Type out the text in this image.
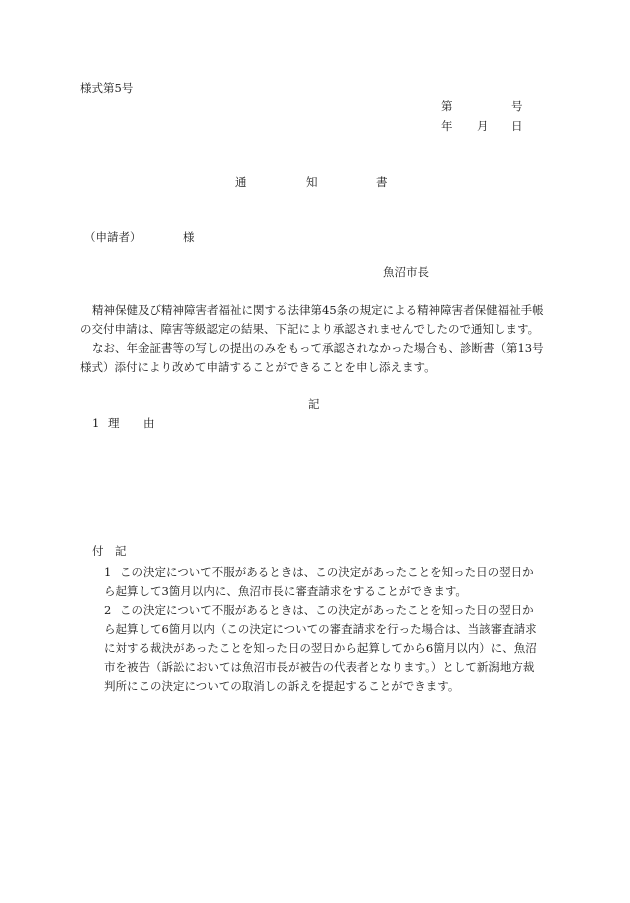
様式第5号
第	号
年 月 日
通	知	書
（申請者）	様
魚沼市長
精神保健及び精神障害者福祉に関する法律第45条の規定による精神障害者保健福祉手帳
の交付申請は、障害等級認定の結果、下記により承認されませんでしたので通知します。
なお、年金証書等の写しの提出のみをもって承認されなかった場合も、診断書（第13号
様式）添付により改めて申請することができることを申し添えます。
記
1 理 由
付 記
1 この決定について不服があるときは、この決定があったことを知った日の翌日か
ら起算して3箇月以内に、魚沼市長に審査請求をすることができます。
2 この決定について不服があるときは、この決定があったことを知った日の翌日か
ら起算して6箇月以内（この決定についての審査請求を行った場合は、当該審査請求
に対する裁決があったことを知った日の翌日から起算してから6箇月以内）に、魚沼
市を被告（訴訟においては魚沼市長が被告の代表者となります。）として新潟地方裁
判所にこの決定についての取消しの訴えを提起することができます。
